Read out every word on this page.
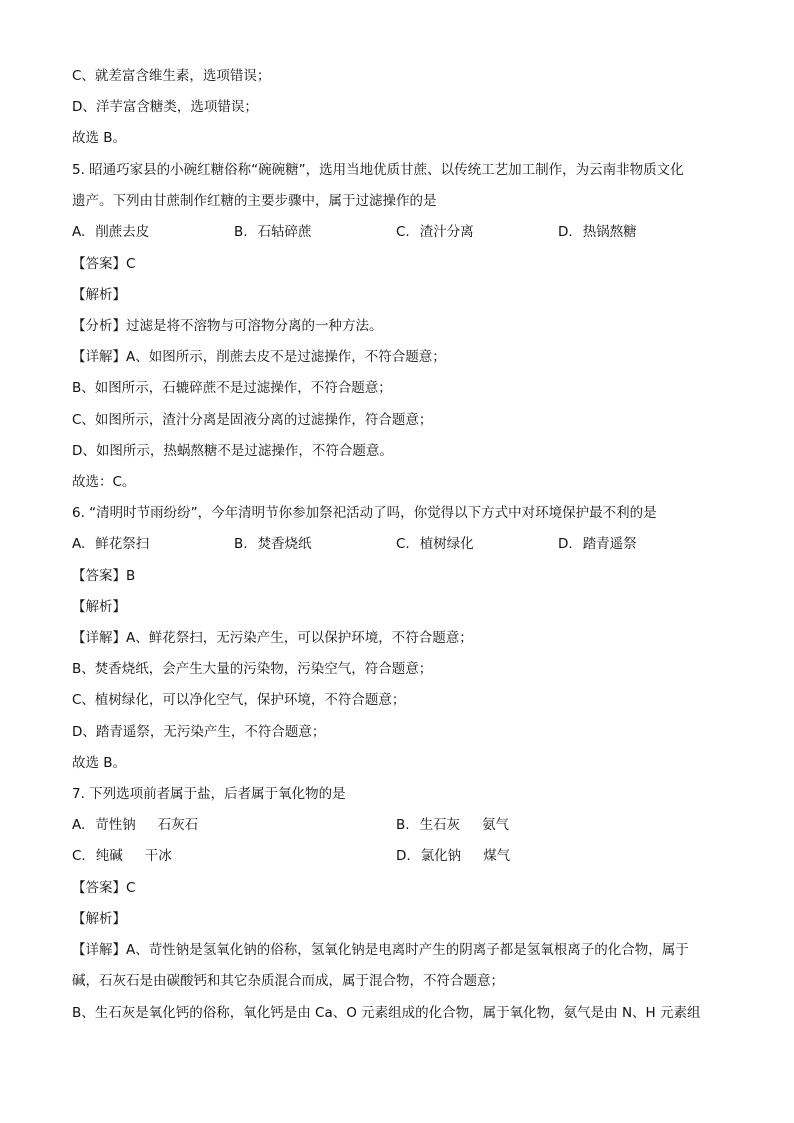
C、就差富含维生素，选项错误；
D、洋芋富含糖类，选项错误；
故选 B。
5. 昭通巧家县的小碗红糖俗称“碗碗糖”，选用当地优质甘蔗、以传统工艺加工制作，为云南非物质文化
遗产。下列由甘蔗制作红糖的主要步骤中，属于过滤操作的是
A. 削蔗去皮	B. 石轱碎蔗	C. 渣汁分离	D. 热锅熬糖
【答案】C
【解析】
【分析】过滤是将不溶物与可溶物分离的一种方法。
【详解】A、如图所示，削蔗去皮不是过滤操作，不符合题意；
B、如图所示，石辘碎蔗不是过滤操作，不符合题意；
C、如图所示，渣汁分离是固液分离的过滤操作，符合题意；
D、如图所示，热蜗熬糖不是过滤操作，不符合题意。
故选：C。
6. “清明时节雨纷纷”，今年清明节你参加祭祀活动了吗，你觉得以下方式中对环境保护最不利的是
A. 鲜花祭扫	B. 焚香烧纸	C. 植树绿化	D. 踏青遥祭
【答案】B
【解析】
【详解】A、鲜花祭扫，无污染产生，可以保护环境，不符合题意；
B、焚香烧纸，会产生大量的污染物，污染空气，符合题意；
C、植树绿化，可以净化空气，保护环境，不符合题意；
D、踏青遥祭，无污染产生，不符合题意；
故选 B。
7. 下列选项前者属于盐，后者属于氧化物的是
A. 苛性钠 石灰石	B. 生石灰 氨气
C. 纯碱 干冰	D. 氯化钠 煤气
【答案】C
【解析】
【详解】A、苛性钠是氢氧化钠的俗称，氢氧化钠是电离时产生的阴离子都是氢氧根离子的化合物，属于
碱，石灰石是由碳酸钙和其它杂质混合而成，属于混合物，不符合题意；
B、生石灰是氧化钙的俗称，氧化钙是由 Ca、O 元素组成的化合物，属于氧化物，氨气是由 N、H 元素组
